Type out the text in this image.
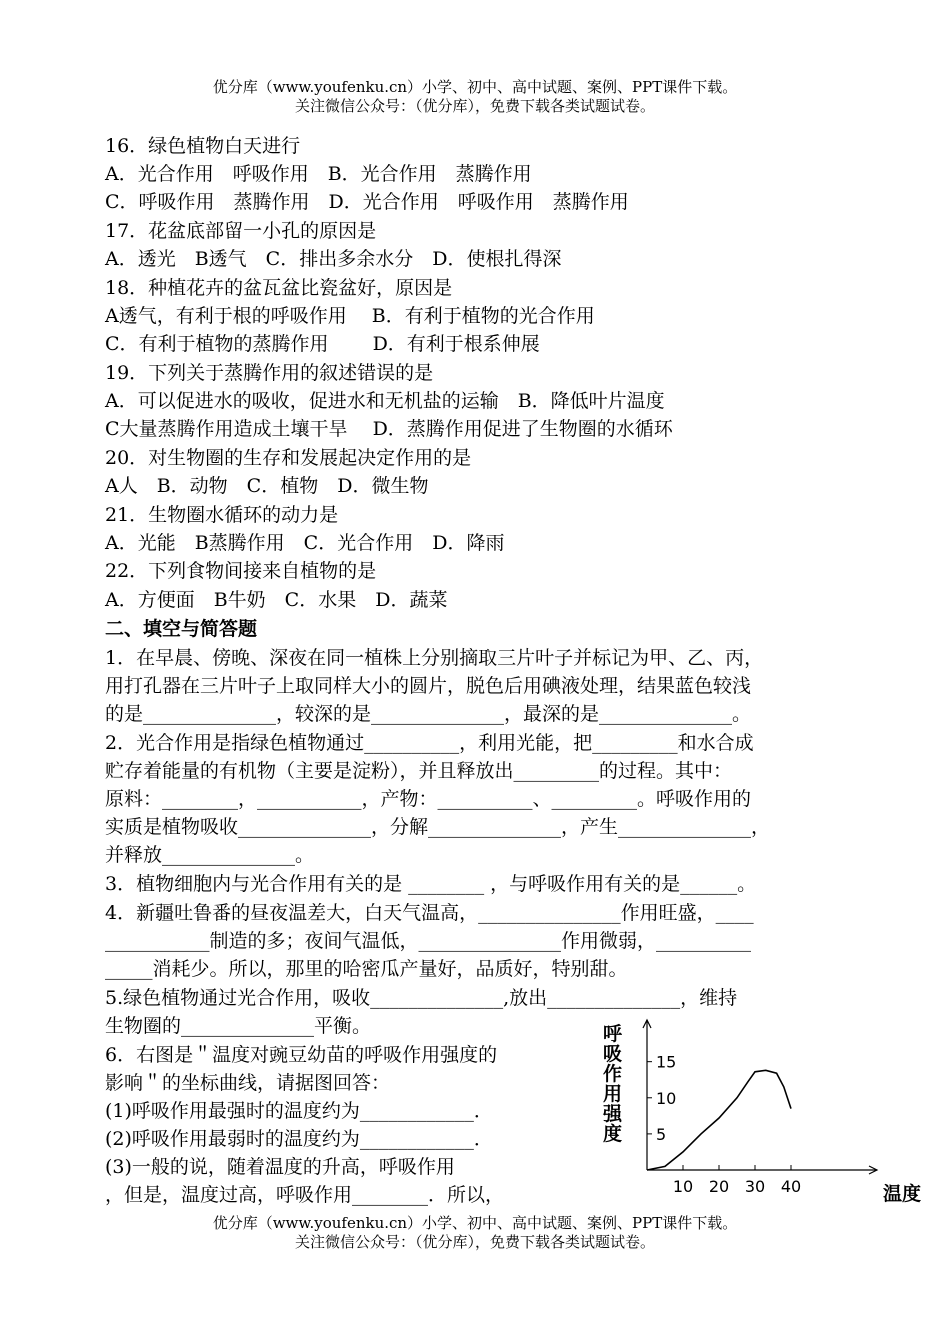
优分库（www.youfenku.cn）小学、初中、高中试题、案例、PPT课件下载。
关注微信公众号：（优分库），免费下载各类试题试卷。
16．绿色植物白天进行
A．光合作用　呼吸作用　B．光合作用　蒸腾作用
C．呼吸作用　蒸腾作用　D．光合作用　呼吸作用　蒸腾作用
17．花盆底部留一小孔的原因是
A．透光　B透气　C．排出多余水分　D．使根扎得深
18．种植花卉的盆瓦盆比瓷盆好，原因是
A透气，有利于根的呼吸作用　 B．有利于植物的光合作用
C．有利于植物的蒸腾作用　　 D．有利于根系伸展
19．下列关于蒸腾作用的叙述错误的是
A．可以促进水的吸收，促进水和无机盐的运输　B．降低叶片温度
C大量蒸腾作用造成土壤干旱　 D．蒸腾作用促进了生物圈的水循环
20．对生物圈的生存和发展起决定作用的是
A人　B．动物　C．植物　D．微生物
21．生物圈水循环的动力是
A．光能　B蒸腾作用　C．光合作用　D．降雨
22．下列食物间接来自植物的是
A．方便面　B牛奶　C．水果　D．蔬菜
二、填空与简答题
1．在早晨、傍晚、深夜在同一植株上分别摘取三片叶子并标记为甲、乙、丙，
用打孔器在三片叶子上取同样大小的圆片，脱色后用碘液处理，结果蓝色较浅
的是______________，较深的是______________，最深的是______________。
2．光合作用是指绿色植物通过__________，利用光能，把_________和水合成
贮存着能量的有机物（主要是淀粉），并且释放出_________的过程。其中：
原料：________，___________，产物：__________、_________。呼吸作用的
实质是植物吸收______________，分解______________，产生______________，
并释放______________。
3．植物细胞内与光合作用有关的是 ________ ，与呼吸作用有关的是______。
4．新疆吐鲁番的昼夜温差大，白天气温高，_______________作用旺盛，____
___________制造的多；夜间气温低，_______________作用微弱，__________
_____消耗少。所以，那里的哈密瓜产量好，品质好，特别甜。
5.绿色植物通过光合作用，吸收______________,放出______________，维持
生物圈的______________平衡。
6．右图是＂温度对豌豆幼苗的呼吸作用强度的
影响＂的坐标曲线，请据图回答：
(1)呼吸作用最强时的温度约为____________．
(2)呼吸作用最弱时的温度约为____________．
(3)一般的说，随着温度的升高，呼吸作用
，但是，温度过高，呼吸作用________．所以，	10 20 30 40
5
10
15
呼
吸
作
用
强
度
温度
优分库（www.youfenku.cn）小学、初中、高中试题、案例、PPT课件下载。
关注微信公众号：（优分库），免费下载各类试题试卷。
